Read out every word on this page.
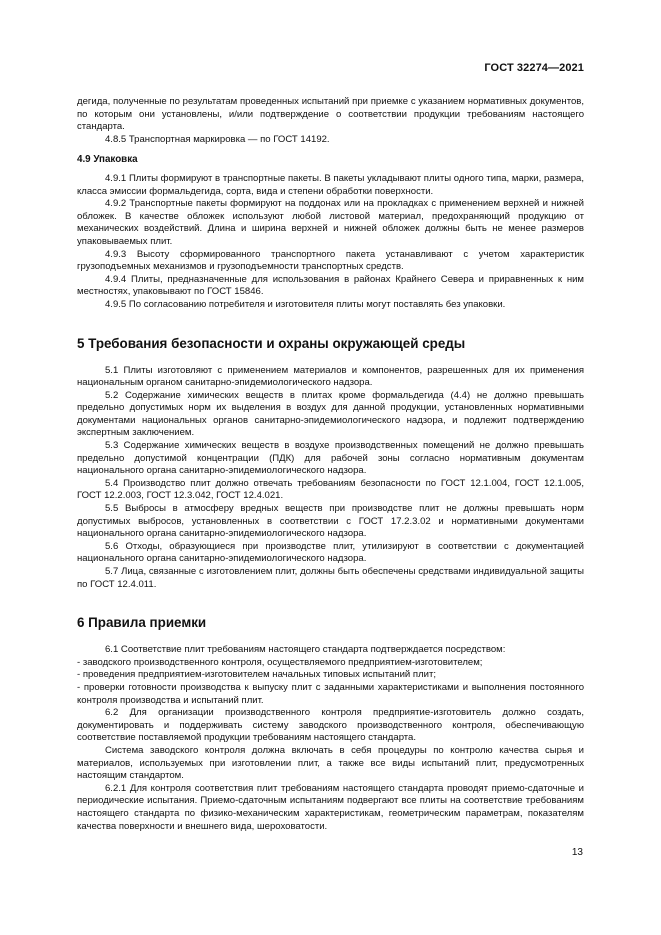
ГОСТ 32274—2021

дегида, полученные по результатам проведенных испытаний при приемке с указанием нормативных документов, по которым они установлены, и/или подтверждение о соответствии продукции требованиям настоящего стандарта.

4.8.5 Транспортная маркировка — по ГОСТ 14192.

4.9 Упаковка

4.9.1 Плиты формируют в транспортные пакеты. В пакеты укладывают плиты одного типа, марки, размера, класса эмиссии формальдегида, сорта, вида и степени обработки поверхности.

4.9.2 Транспортные пакеты формируют на поддонах или на прокладках с применением верхней и нижней обложек. В качестве обложек используют любой листовой материал, предохраняющий продукцию от механических воздействий. Длина и ширина верхней и нижней обложек должны быть не менее размеров упаковываемых плит.

4.9.3 Высоту сформированного транспортного пакета устанавливают с учетом характеристик грузоподъемных механизмов и грузоподъемности транспортных средств.

4.9.4 Плиты, предназначенные для использования в районах Крайнего Севера и приравненных к ним местностях, упаковывают по ГОСТ 15846.

4.9.5 По согласованию потребителя и изготовителя плиты могут поставлять без упаковки.

5 Требования безопасности и охраны окружающей среды

5.1 Плиты изготовляют с применением материалов и компонентов, разрешенных для их применения национальным органом санитарно-эпидемиологического надзора.

5.2 Содержание химических веществ в плитах кроме формальдегида (4.4) не должно превышать предельно допустимых норм их выделения в воздух для данной продукции, установленных нормативными документами национальных органов санитарно-эпидемиологического надзора, и подлежит подтверждению экспертным заключением.

5.3 Содержание химических веществ в воздухе производственных помещений не должно превышать предельно допустимой концентрации (ПДК) для рабочей зоны согласно нормативным документам национального органа санитарно-эпидемиологического надзора.

5.4 Производство плит должно отвечать требованиям безопасности по ГОСТ 12.1.004, ГОСТ 12.1.005, ГОСТ 12.2.003, ГОСТ 12.3.042, ГОСТ 12.4.021.

5.5 Выбросы в атмосферу вредных веществ при производстве плит не должны превышать норм допустимых выбросов, установленных в соответствии с ГОСТ 17.2.3.02 и нормативными документами национального органа санитарно-эпидемиологического надзора.

5.6 Отходы, образующиеся при производстве плит, утилизируют в соответствии с документацией национального органа санитарно-эпидемиологического надзора.

5.7 Лица, связанные с изготовлением плит, должны быть обеспечены средствами индивидуальной защиты по ГОСТ 12.4.011.

6 Правила приемки

6.1 Соответствие плит требованиям настоящего стандарта подтверждается посредством:

- заводского производственного контроля, осуществляемого предприятием-изготовителем;

- проведения предприятием-изготовителем начальных типовых испытаний плит;

- проверки готовности производства к выпуску плит с заданными характеристиками и выполнения постоянного контроля производства и испытаний плит.

6.2 Для организации производственного контроля предприятие-изготовитель должно создать, документировать и поддерживать систему заводского производственного контроля, обеспечивающую соответствие поставляемой продукции требованиям настоящего стандарта.

Система заводского контроля должна включать в себя процедуры по контролю качества сырья и материалов, используемых при изготовлении плит, а также все виды испытаний плит, предусмотренных настоящим стандартом.

6.2.1 Для контроля соответствия плит требованиям настоящего стандарта проводят приемо-сдаточные и периодические испытания. Приемо-сдаточным испытаниям подвергают все плиты на соответствие требованиям настоящего стандарта по физико-механическим характеристикам, геометрическим параметрам, показателям качества поверхности и внешнего вида, шероховатости.

13
